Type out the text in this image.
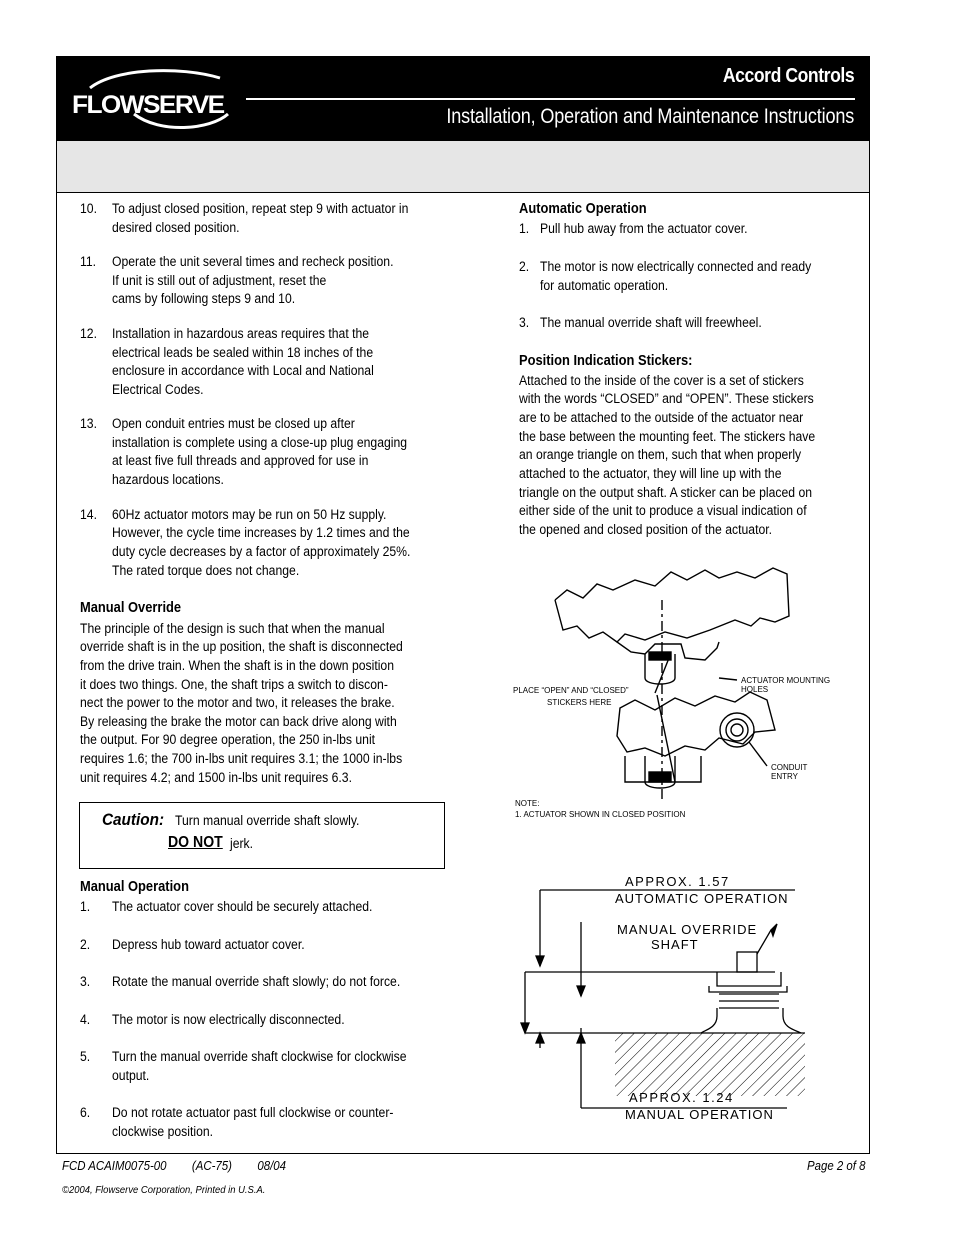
FLOWSERVE
Accord Controls
Installation, Operation and Maintenance Instructions
10. To adjust closed position, repeat step 9 with actuator in
desired closed position.
11. Operate the unit several times and recheck position.
If unit is still out of adjustment, reset the
cams by following steps 9 and 10.
12. Installation in hazardous areas requires that the
electrical leads be sealed within 18 inches of the
enclosure in accordance with Local and National
Electrical Codes.
13. Open conduit entries must be closed up after
installation is complete using a close-up plug engaging
at least five full threads and approved for use in
hazardous locations.
14. 60Hz actuator motors may be run on 50 Hz supply.
However, the cycle time increases by 1.2 times and the
duty cycle decreases by a factor of approximately 25%.
The rated torque does not change.
Manual Override
The principle of the design is such that when the manual
override shaft is in the up position, the shaft is disconnected
from the drive train. When the shaft is in the down position
it does two things. One, the shaft trips a switch to discon-
nect the power to the motor and two, it releases the brake.
By releasing the brake the motor can back drive along with
the output. For 90 degree operation, the 250 in-lbs unit
requires 1.6; the 700 in-lbs unit requires 3.1; the 1000 in-lbs
unit requires 4.2; and 1500 in-lbs unit requires 6.3.
Caution: Turn manual override shaft slowly.
DO NOT jerk.
Manual Operation
1. The actuator cover should be securely attached.
2. Depress hub toward actuator cover.
3. Rotate the manual override shaft slowly; do not force.
4. The motor is now electrically disconnected.
5. Turn the manual override shaft clockwise for clockwise
output.
6. Do not rotate actuator past full clockwise or counter-
clockwise position.
Automatic Operation
1. Pull hub away from the actuator cover.
2. The motor is now electrically connected and ready
for automatic operation.
3. The manual override shaft will freewheel.
Position Indication Stickers:
Attached to the inside of the cover is a set of stickers
with the words “CLOSED” and “OPEN”. These stickers
are to be attached to the outside of the actuator near
the base between the mounting feet. The stickers have
an orange triangle on them, such that when properly
attached to the actuator, they will line up with the
triangle on the output shaft. A sticker can be placed on
either side of the unit to produce a visual indication of
the opened and closed position of the actuator.
PLACE “OPEN” AND “CLOSED”
STICKERS HERE
ACTUATOR MOUNTING
HOLES
CONDUIT
ENTRY
NOTE:
1. ACTUATOR SHOWN IN CLOSED POSITION
APPROX. 1.57
AUTOMATIC OPERATION
MANUAL OVERRIDE
SHAFT
APPROX. 1.24
MANUAL OPERATION
FCD ACAIM0075-00        (AC-75)        08/04	Page 2 of 8
©2004, Flowserve Corporation, Printed in U.S.A.
